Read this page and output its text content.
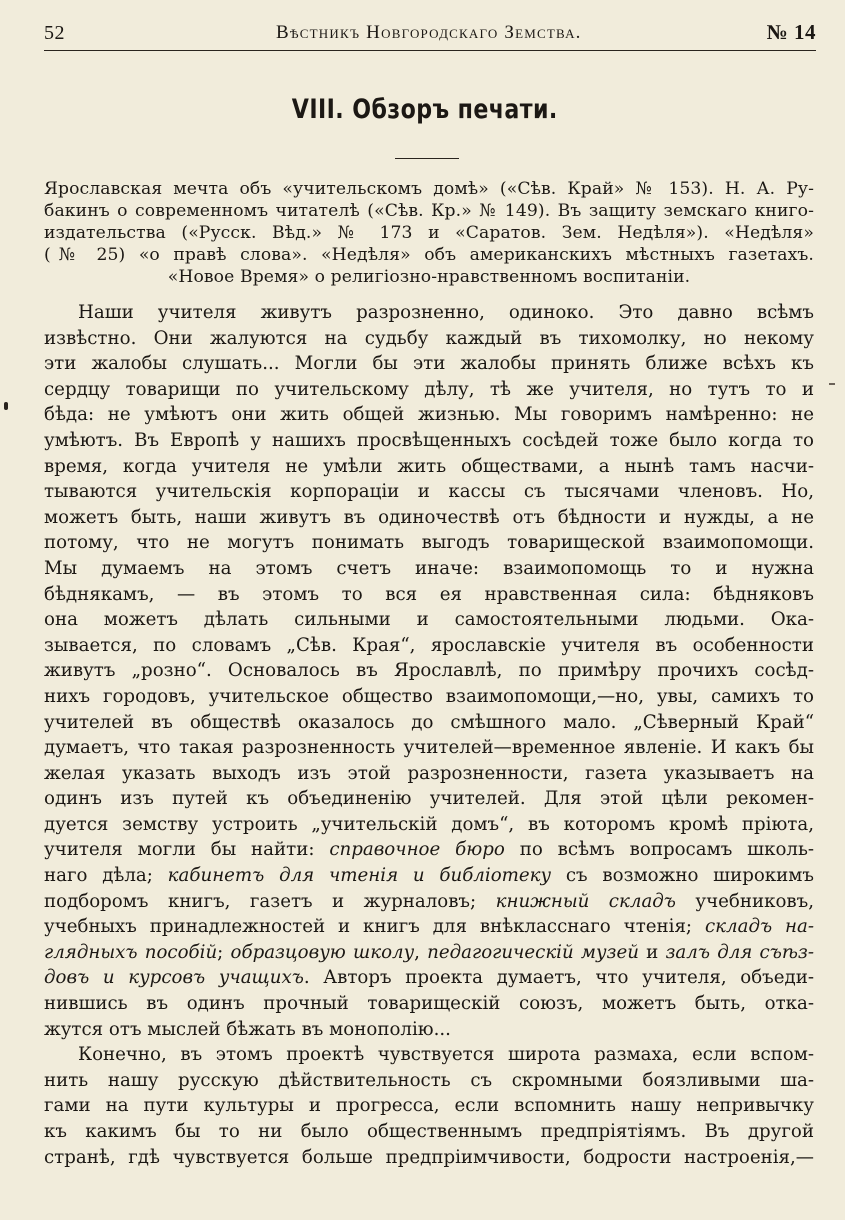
52	Вѣстникъ Новгородскаго Земства.	№ 14
VIII. Обзоръ печати.
Ярославская мечта объ «учительскомъ домѣ» («Сѣв. Край» № 153). Н. А. Ру-
бакинъ о современномъ читателѣ («Сѣв. Кр.» № 149). Въ защиту земскаго книго-
издательства («Русск. Вѣд.» № 173 и «Саратов. Зем. Недѣля»). «Недѣля»
(№ 25) «о правѣ слова». «Недѣля» объ американскихъ мѣстныхъ газетахъ.
«Новое Время» о религіозно-нравственномъ воспитаніи.
Наши учителя живутъ разрозненно, одиноко. Это давно всѣмъ
извѣстно. Они жалуются на судьбу каждый въ тихомолку, но некому
эти жалобы слушать... Могли бы эти жалобы принять ближе всѣхъ къ
сердцу товарищи по учительскому дѣлу, тѣ же учителя, но тутъ то и
бѣда: не умѣютъ они жить общей жизнью. Мы говоримъ намѣренно: не
умѣютъ. Въ Европѣ у нашихъ просвѣщенныхъ сосѣдей тоже было когда то
время, когда учителя не умѣли жить обществами, а нынѣ тамъ насчи-
тываются учительскія корпораціи и кассы съ тысячами членовъ. Но,
можетъ быть, наши живутъ въ одиночествѣ отъ бѣдности и нужды, а не
потому, что не могутъ понимать выгодъ товарищеской взаимопомощи.
Мы думаемъ на этомъ счетъ иначе: взаимопомощь то и нужна
бѣднякамъ, — въ этомъ то вся ея нравственная сила: бѣдняковъ
она можетъ дѣлать сильными и самостоятельными людьми. Ока-
зывается, по словамъ „Сѣв. Края“, ярославскіе учителя въ особенности
живутъ „розно“. Основалось въ Ярославлѣ, по примѣру прочихъ сосѣд-
нихъ городовъ, учительское общество взаимопомощи,—но, увы, самихъ то
учителей въ обществѣ оказалось до смѣшного мало. „Сѣверный Край“
думаетъ, что такая разрозненность учителей—временное явленіе. И какъ бы
желая указать выходъ изъ этой разрозненности, газета указываетъ на
одинъ изъ путей къ объединенію учителей. Для этой цѣли рекомен-
дуется земству устроить „учительскій домъ“, въ которомъ кромѣ пріюта,
учителя могли бы найти: справочное бюро по всѣмъ вопросамъ школь-
наго дѣла; кабинетъ для чтенія и библіотеку съ возможно широкимъ
подборомъ книгъ, газетъ и журналовъ; книжный складъ учебниковъ,
учебныхъ принадлежностей и книгъ для внѣкласснаго чтенія; складъ на-
глядныхъ пособій; образцовую школу, педагогическій музей и залъ для съѣз-
довъ и курсовъ учащихъ. Авторъ проекта думаетъ, что учителя, объеди-
нившись въ одинъ прочный товарищескій союзъ, можетъ быть, отка-
жутся отъ мыслей бѣжать въ монополію...
Конечно, въ этомъ проектѣ чувствуется широта размаха, если вспом-
нить нашу русскую дѣйствительность съ скромными боязливыми ша-
гами на пути культуры и прогресса, если вспомнить нашу непривычку
къ какимъ бы то ни было общественнымъ предпріятіямъ. Въ другой
странѣ, гдѣ чувствуется больше предпріимчивости, бодрости настроенія,—
